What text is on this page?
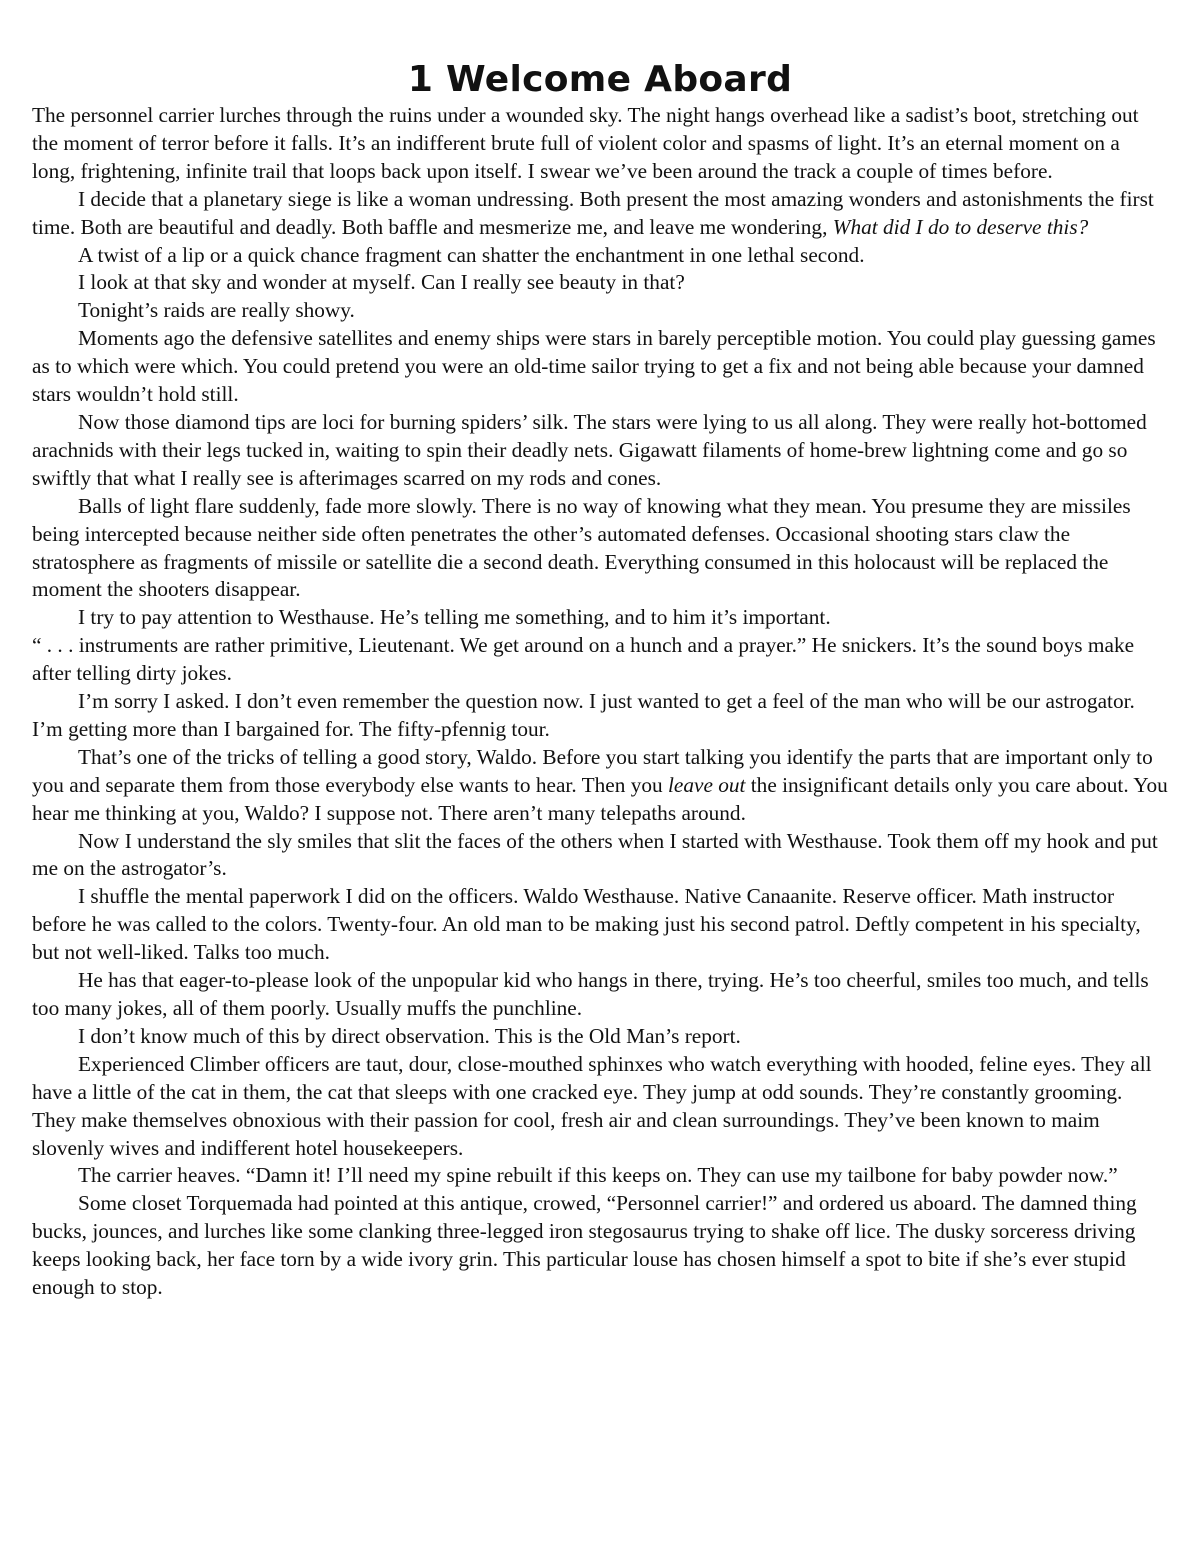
1 Welcome Aboard

The personnel carrier lurches through the ruins under a wounded sky. The night hangs overhead like a sadist’s boot, stretching out the moment of terror before it falls. It’s an indifferent brute full of violent color and spasms of light. It’s an eternal moment on a long, frightening, infinite trail that loops back upon itself. I swear we’ve been around the track a couple of times before.

I decide that a planetary siege is like a woman undressing. Both present the most amazing wonders and astonishments the first time. Both are beautiful and deadly. Both baffle and mesmerize me, and leave me wondering, What did I do to deserve this?

A twist of a lip or a quick chance fragment can shatter the enchantment in one lethal second.

I look at that sky and wonder at myself. Can I really see beauty in that?

Tonight’s raids are really showy.

Moments ago the defensive satellites and enemy ships were stars in barely perceptible motion. You could play guessing games as to which were which. You could pretend you were an old-time sailor trying to get a fix and not being able because your damned stars wouldn’t hold still.

Now those diamond tips are loci for burning spiders’ silk. The stars were lying to us all along. They were really hot-bottomed arachnids with their legs tucked in, waiting to spin their deadly nets. Gigawatt filaments of home-brew lightning come and go so swiftly that what I really see is afterimages scarred on my rods and cones.

Balls of light flare suddenly, fade more slowly. There is no way of knowing what they mean. You presume they are missiles being intercepted because neither side often penetrates the other’s automated defenses. Occasional shooting stars claw the stratosphere as fragments of missile or satellite die a second death. Everything consumed in this holocaust will be replaced the moment the shooters disappear.

I try to pay attention to Westhause. He’s telling me something, and to him it’s important.

“ . . . instruments are rather primitive, Lieutenant. We get around on a hunch and a prayer.” He snickers. It’s the sound boys make after telling dirty jokes.

I’m sorry I asked. I don’t even remember the question now. I just wanted to get a feel of the man who will be our astrogator. I’m getting more than I bargained for. The fifty-pfennig tour.

That’s one of the tricks of telling a good story, Waldo. Before you start talking you identify the parts that are important only to you and separate them from those everybody else wants to hear. Then you leave out the insignificant details only you care about. You hear me thinking at you, Waldo? I suppose not. There aren’t many telepaths around.

Now I understand the sly smiles that slit the faces of the others when I started with Westhause. Took them off my hook and put me on the astrogator’s.

I shuffle the mental paperwork I did on the officers. Waldo Westhause. Native Canaanite. Reserve officer. Math instructor before he was called to the colors. Twenty-four. An old man to be making just his second patrol. Deftly competent in his specialty, but not well-liked. Talks too much.

He has that eager-to-please look of the unpopular kid who hangs in there, trying. He’s too cheerful, smiles too much, and tells too many jokes, all of them poorly. Usually muffs the punchline.

I don’t know much of this by direct observation. This is the Old Man’s report.

Experienced Climber officers are taut, dour, close-mouthed sphinxes who watch everything with hooded, feline eyes. They all have a little of the cat in them, the cat that sleeps with one cracked eye. They jump at odd sounds. They’re constantly grooming. They make themselves obnoxious with their passion for cool, fresh air and clean surroundings. They’ve been known to maim slovenly wives and indifferent hotel housekeepers.

The carrier heaves. “Damn it! I’ll need my spine rebuilt if this keeps on. They can use my tailbone for baby powder now.”

Some closet Torquemada had pointed at this antique, crowed, “Personnel carrier!” and ordered us aboard. The damned thing bucks, jounces, and lurches like some clanking three-legged iron stegosaurus trying to shake off lice. The dusky sorceress driving keeps looking back, her face torn by a wide ivory grin. This particular louse has chosen himself a spot to bite if she’s ever stupid enough to stop.
